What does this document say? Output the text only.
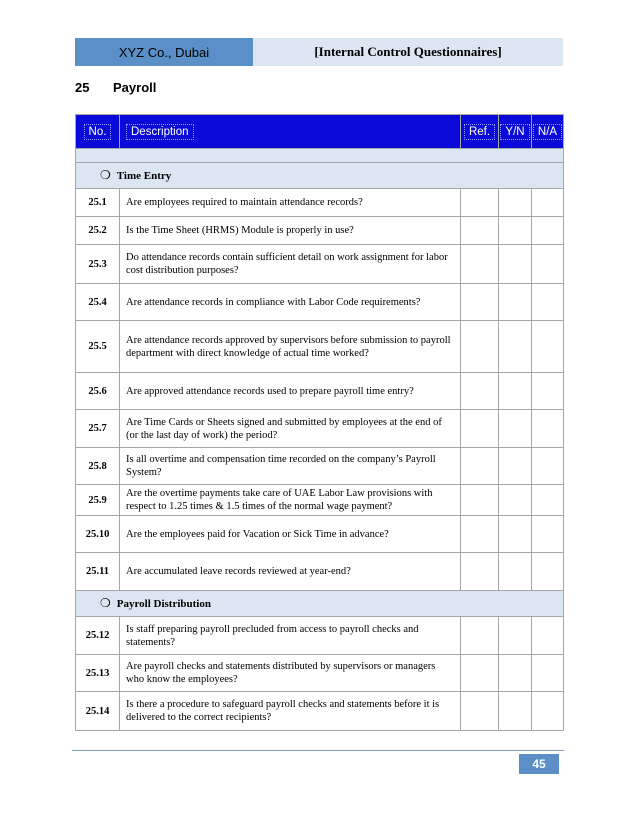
XYZ Co., Dubai	[Internal Control Questionnaires]
25	Payroll
No.	Description	Ref.	Y/N	N/A

❍ Time Entry				
25.1	Are employees required to maintain attendance records?			
25.2	Is the Time Sheet (HRMS) Module is properly in use?			
25.3	Do attendance records contain sufficient detail on work assignment for labor cost distribution purposes?			
25.4	Are attendance records in compliance with Labor Code requirements?			
25.5	Are attendance records approved by supervisors before submission to payroll department with direct knowledge of actual time worked?			
25.6	Are approved attendance records used to prepare payroll time entry?			
25.7	Are Time Cards or Sheets signed and submitted by employees at the end of (or the last day of work) the period?			
25.8	Is all overtime and compensation time recorded on the company’s Payroll System?			
25.9	Are the overtime payments take care of UAE Labor Law provisions with respect to 1.25 times & 1.5 times of the normal wage payment?			
25.10	Are the employees paid for Vacation or Sick Time in advance?			
25.11	Are accumulated leave records reviewed at year-end?			
❍ Payroll Distribution				
25.12	Is staff preparing payroll precluded from access to payroll checks and statements?			
25.13	Are payroll checks and statements distributed by supervisors or managers who know the employees?			
25.14	Is there a procedure to safeguard payroll checks and statements before it is delivered to the correct recipients?			
45
